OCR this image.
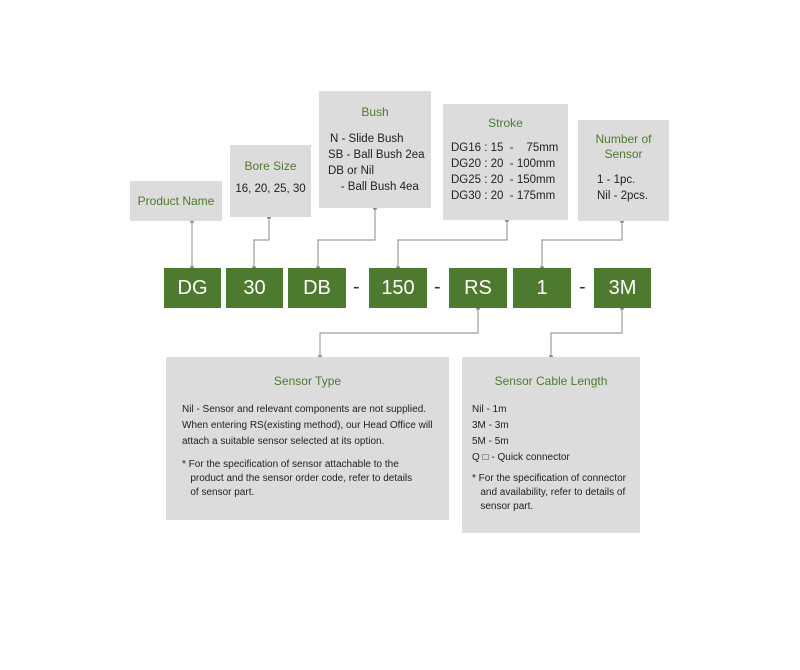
Product Name
Bore Size
16, 20, 25, 30
Bush
N - Slide Bush
SB - Ball Bush 2ea
DB or Nil
- Ball Bush 4ea
Stroke
DG16 : 15  -    75mm
DG20 : 20  - 100mm
DG25 : 20  - 150mm
DG30 : 20  - 175mm
Number of
Sensor
1 - 1pc.
Nil - 2pcs.
DG	30	DB	-	150 -	RS	1	-	3M
Sensor Type
Nil - Sensor and relevant components are not supplied.
When entering RS(existing method), our Head Office will
attach a suitable sensor selected at its option.
* For the specification of sensor attachable to the
product and the sensor order code, refer to details
of sensor part.
Sensor Cable Length
Nil - 1m
3M - 3m
5M - 5m
Q □ - Quick connector
* For the specification of connector
and availability, refer to details of
sensor part.
